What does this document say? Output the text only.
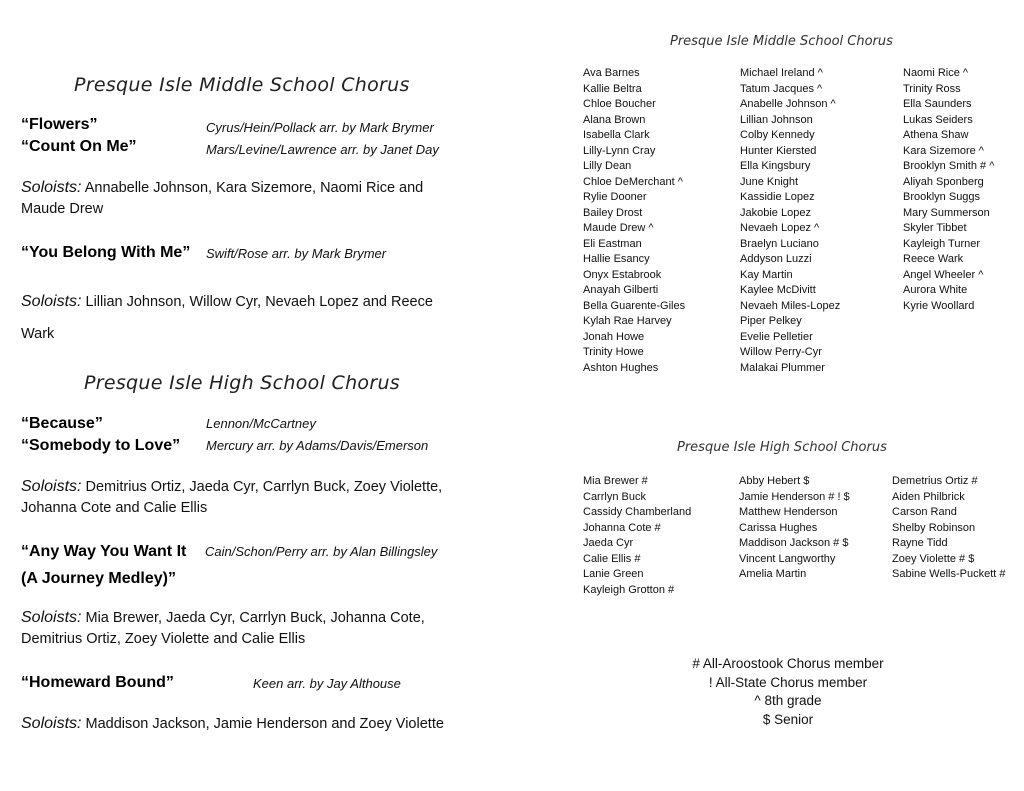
Presque Isle Middle School Chorus
“Flowers”	Cyrus/Hein/Pollack arr. by Mark Brymer
“Count On Me”	Mars/Levine/Lawrence arr. by Janet Day
Soloists: Annabelle Johnson, Kara Sizemore, Naomi Rice and Maude Drew
“You Belong With Me” Swift/Rose arr. by Mark Brymer
Soloists: Lillian Johnson, Willow Cyr, Nevaeh Lopez and Reece Wark
Presque Isle High School Chorus
“Because”	Lennon/McCartney
“Somebody to Love” Mercury arr. by Adams/Davis/Emerson
Soloists: Demitrius Ortiz, Jaeda Cyr, Carrlyn Buck, Zoey Violette, Johanna Cote and Calie Ellis
“Any Way You Want It Cain/Schon/Perry arr. by Alan Billingsley
(A Journey Medley)”
Soloists: Mia Brewer, Jaeda Cyr, Carrlyn Buck, Johanna Cote, Demitrius Ortiz, Zoey Violette and Calie Ellis
“Homeward Bound”	Keen arr. by Jay Althouse
Soloists: Maddison Jackson, Jamie Henderson and Zoey Violette
Presque Isle Middle School Chorus
Ava Barnes
Kallie Beltra
Chloe Boucher
Alana Brown
Isabella Clark
Lilly-Lynn Cray
Lilly Dean
Chloe DeMerchant ^
Rylie Dooner
Bailey Drost
Maude Drew ^
Eli Eastman
Hallie Esancy
Onyx Estabrook
Anayah Gilberti
Bella Guarente-Giles
Kylah Rae Harvey
Jonah Howe
Trinity Howe
Ashton Hughes
Michael Ireland ^
Tatum Jacques ^
Anabelle Johnson ^
Lillian Johnson
Colby Kennedy
Hunter Kiersted
Ella Kingsbury
June Knight
Kassidie Lopez
Jakobie Lopez
Nevaeh Lopez ^
Braelyn Luciano
Addyson Luzzi
Kay Martin
Kaylee McDivitt
Nevaeh Miles-Lopez
Piper Pelkey
Evelie Pelletier
Willow Perry-Cyr
Malakai Plummer
Naomi Rice ^
Trinity Ross
Ella Saunders
Lukas Seiders
Athena Shaw
Kara Sizemore ^
Brooklyn Smith # ^
Aliyah Sponberg
Brooklyn Suggs
Mary Summerson
Skyler Tibbet
Kayleigh Turner
Reece Wark
Angel Wheeler ^
Aurora White
Kyrie Woollard
Presque Isle High School Chorus
Mia Brewer #
Carrlyn Buck
Cassidy Chamberland
Johanna Cote #
Jaeda Cyr
Calie Ellis #
Lanie Green
Kayleigh Grotton #
Abby Hebert $
Jamie Henderson # ! $
Matthew Henderson
Carissa Hughes
Maddison Jackson # $
Vincent Langworthy
Amelia Martin
Demetrius Ortiz #
Aiden Philbrick
Carson Rand
Shelby Robinson
Rayne Tidd
Zoey Violette # $
Sabine Wells-Puckett #
# All-Aroostook Chorus member
! All-State Chorus member
^ 8th grade
$ Senior
